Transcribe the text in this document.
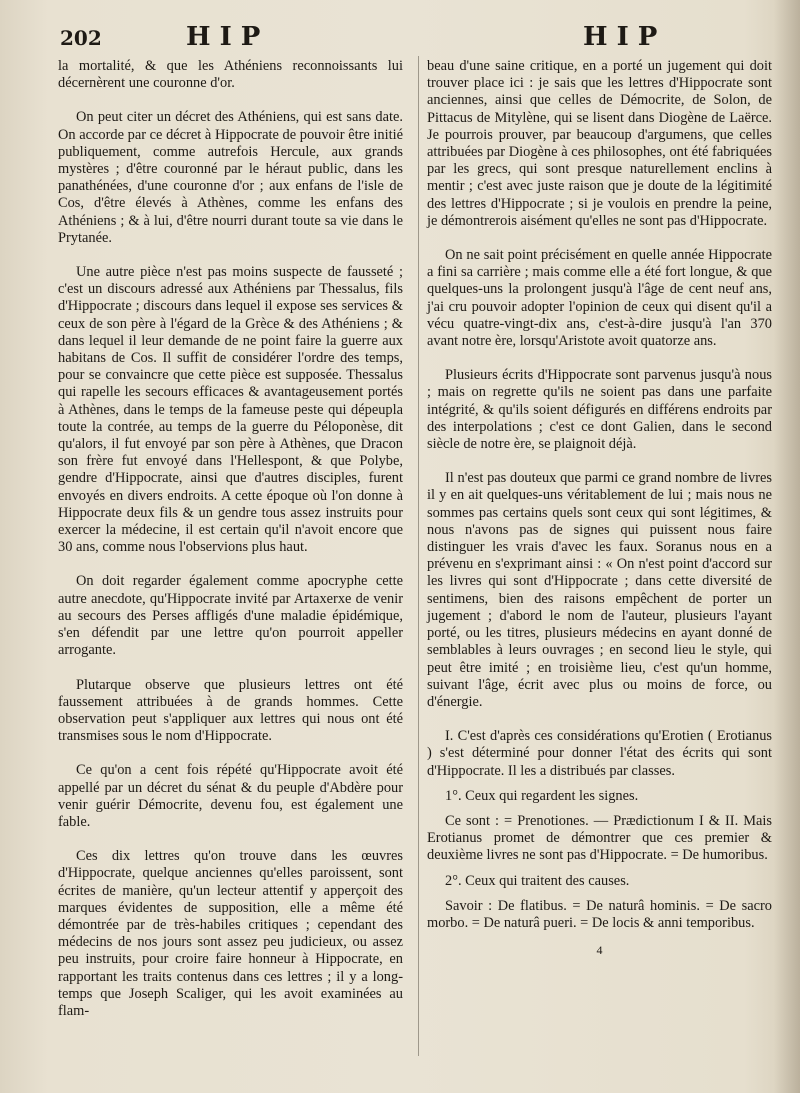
202	HIP	HIP

la mortalité, & que les Athéniens reconnoissants lui décernèrent une couronne d'or.

On peut citer un décret des Athéniens, qui est sans date. On accorde par ce décret à Hippocrate de pouvoir être initié publiquement, comme autrefois Hercule, aux grands mystères ; d'être couronné par le héraut public, dans les panathénées, d'une couronne d'or ; aux enfans de l'isle de Cos, d'être élevés à Athènes, comme les enfans des Athéniens ; & à lui, d'être nourri durant toute sa vie dans le Prytanée.

Une autre pièce n'est pas moins suspecte de fausseté ; c'est un discours adressé aux Athéniens par Thessalus, fils d'Hippocrate ; discours dans lequel il expose ses services & ceux de son père à l'égard de la Grèce & des Athéniens ; & dans lequel il leur demande de ne point faire la guerre aux habitans de Cos. Il suffit de considérer l'ordre des temps, pour se convaincre que cette pièce est supposée. Thessalus qui rapelle les secours efficaces & avantageusement portés à Athènes, dans le temps de la fameuse peste qui dépeupla toute la contrée, au temps de la guerre du Péloponèse, dit qu'alors, il fut envoyé par son père à Athènes, que Dracon son frère fut envoyé dans l'Hellespont, & que Polybe, gendre d'Hippocrate, ainsi que d'autres disciples, furent envoyés en divers endroits. A cette époque où l'on donne à Hippocrate deux fils & un gendre tous assez instruits pour exercer la médecine, il est certain qu'il n'avoit encore que 30 ans, comme nous l'observions plus haut.

On doit regarder également comme apocryphe cette autre anecdote, qu'Hippocrate invité par Artaxerxe de venir au secours des Perses affligés d'une maladie épidémique, s'en défendit par une lettre qu'on pourroit appeller arrogante.

Plutarque observe que plusieurs lettres ont été faussement attribuées à de grands hommes. Cette observation peut s'appliquer aux lettres qui nous ont été transmises sous le nom d'Hippocrate.

Ce qu'on a cent fois répété qu'Hippocrate avoit été appellé par un décret du sénat & du peuple d'Abdère pour venir guérir Démocrite, devenu fou, est également une fable.

Ces dix lettres qu'on trouve dans les œuvres d'Hippocrate, quelque anciennes qu'elles paroissent, sont écrites de manière, qu'un lecteur attentif y apperçoit des marques évidentes de supposition, elle a même été démontrée par de très-habiles critiques ; cependant des médecins de nos jours sont assez peu judicieux, ou assez peu instruits, pour croire faire honneur à Hippocrate, en rapportant les traits contenus dans ces lettres ; il y a long-temps que Joseph Scaliger, qui les avoit examinées au flam-

beau d'une saine critique, en a porté un jugement qui doit trouver place ici : je sais que les lettres d'Hippocrate sont anciennes, ainsi que celles de Démocrite, de Solon, de Pittacus de Mitylène, qui se lisent dans Diogène de Laërce. Je pourrois prouver, par beaucoup d'argumens, que celles attribuées par Diogène à ces philosophes, ont été fabriquées par les grecs, qui sont presque naturellement enclins à mentir ; c'est avec juste raison que je doute de la légitimité des lettres d'Hippocrate ; si je voulois en prendre la peine, je démontrerois aisément qu'elles ne sont pas d'Hippocrate.

On ne sait point précisément en quelle année Hippocrate a fini sa carrière ; mais comme elle a été fort longue, & que quelques-uns la prolongent jusqu'à l'âge de cent neuf ans, j'ai cru pouvoir adopter l'opinion de ceux qui disent qu'il a vécu quatre-vingt-dix ans, c'est-à-dire jusqu'à l'an 370 avant notre ère, lorsqu'Aristote avoit quatorze ans.

Plusieurs écrits d'Hippocrate sont parvenus jusqu'à nous ; mais on regrette qu'ils ne soient pas dans une parfaite intégrité, & qu'ils soient défigurés en différens endroits par des interpolations ; c'est ce dont Galien, dans le second siècle de notre ère, se plaignoit déjà.

Il n'est pas douteux que parmi ce grand nombre de livres il y en ait quelques-uns véritablement de lui ; mais nous ne sommes pas certains quels sont ceux qui sont légitimes, & nous n'avons pas de signes qui puissent nous faire distinguer les vrais d'avec les faux. Soranus nous en a prévenu en s'exprimant ainsi : « On n'est point d'accord sur les livres qui sont d'Hippocrate ; dans cette diversité de sentimens, bien des raisons empêchent de porter un jugement ; d'abord le nom de l'auteur, plusieurs l'ayant porté, ou les titres, plusieurs médecins en ayant donné de semblables à leurs ouvrages ; en second lieu le style, qui peut être imité ; en troisième lieu, c'est qu'un homme, suivant l'âge, écrit avec plus ou moins de force, ou d'énergie.

I. C'est d'après ces considérations qu'Erotien ( Erotianus ) s'est déterminé pour donner l'état des écrits qui sont d'Hippocrate. Il les a distribués par classes.

1°. Ceux qui regardent les signes.

Ce sont : = Prenotiones. — Prædictionum I & II. Mais Erotianus promet de démontrer que ces premier & deuxième livres ne sont pas d'Hippocrate. = De humoribus.

2°. Ceux qui traitent des causes.

Savoir : De flatibus. = De naturâ hominis. = De sacro morbo. = De naturâ pueri. = De locis & anni temporibus.

4
